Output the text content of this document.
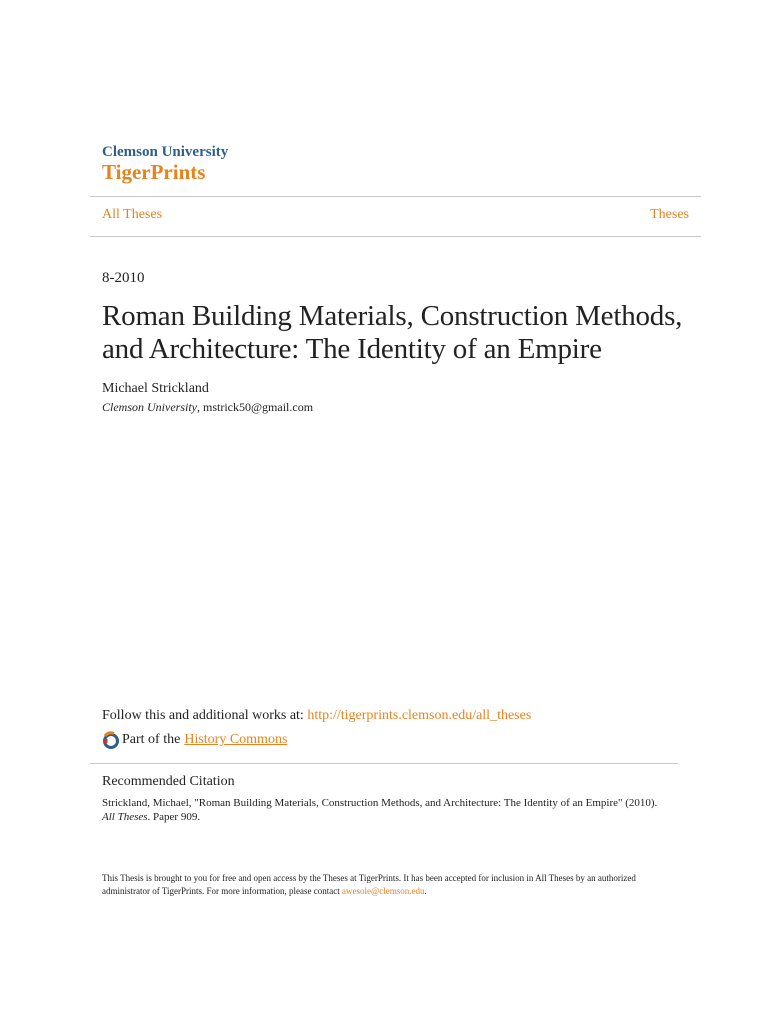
Clemson University
TigerPrints
All Theses	Theses
8-2010
Roman Building Materials, Construction Methods, and Architecture: The Identity of an Empire
Michael Strickland
Clemson University, mstrick50@gmail.com
Follow this and additional works at: http://tigerprints.clemson.edu/all_theses
Part of the History Commons
Recommended Citation
Strickland, Michael, "Roman Building Materials, Construction Methods, and Architecture: The Identity of an Empire" (2010). All Theses. Paper 909.
This Thesis is brought to you for free and open access by the Theses at TigerPrints. It has been accepted for inclusion in All Theses by an authorized administrator of TigerPrints. For more information, please contact awesole@clemson.edu.
